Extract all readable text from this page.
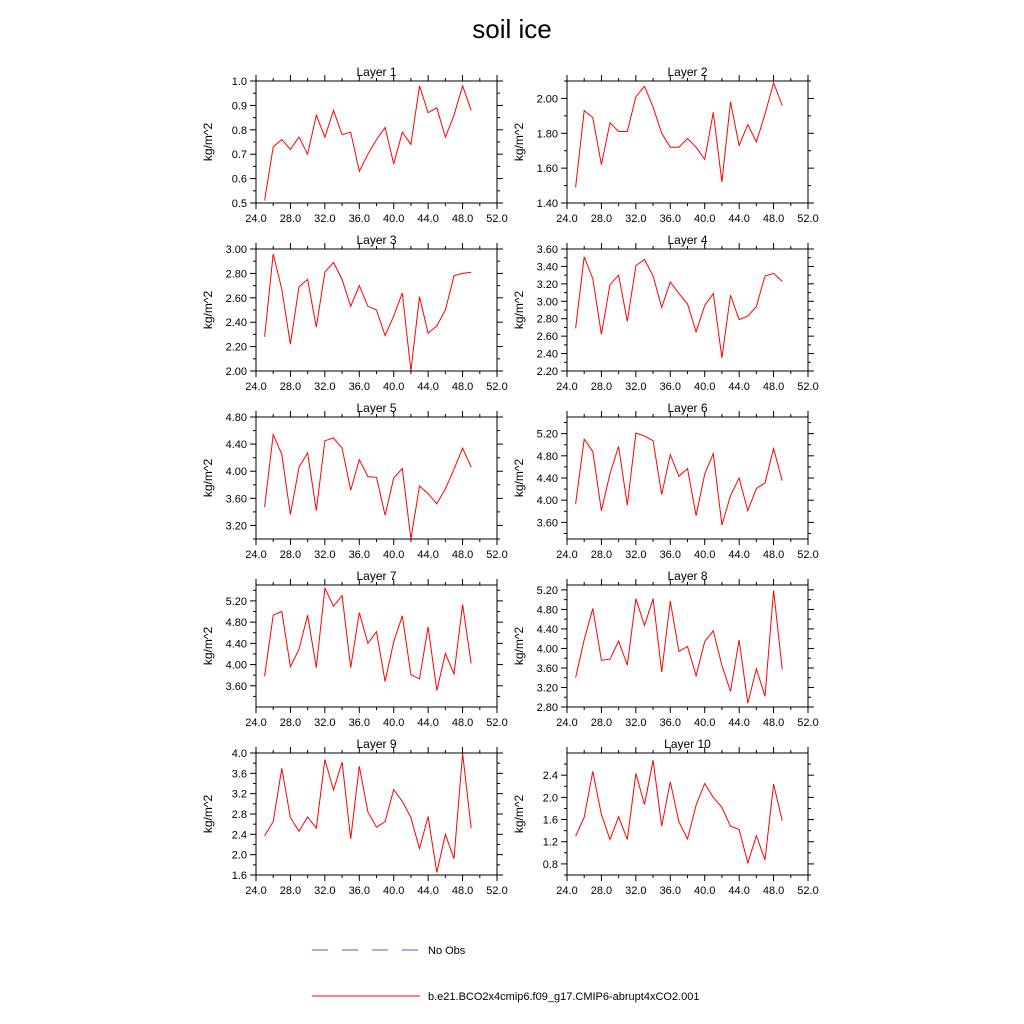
soil ice
Layer 1
kg/m^2
24.0 28.0 32.0 36.0 40.0 44.0 48.0 52.0
0.5
0.6
0.7
0.8
0.9
1.0
Layer 2
kg/m^2
24.0 28.0 32.0 36.0 40.0 44.0 48.0 52.0
1.40
1.60
1.80
2.00
Layer 3
kg/m^2
24.0 28.0 32.0 36.0 40.0 44.0 48.0 52.0
2.00
2.20
2.40
2.60
2.80
3.00
Layer 4
kg/m^2
24.0 28.0 32.0 36.0 40.0 44.0 48.0 52.0
2.20
2.40
2.60
2.80
3.00
3.20
3.40
3.60
Layer 5
kg/m^2
24.0 28.0 32.0 36.0 40.0 44.0 48.0 52.0
3.20
3.60
4.00
4.40
4.80
Layer 6
kg/m^2
24.0 28.0 32.0 36.0 40.0 44.0 48.0 52.0
3.60
4.00
4.40
4.80
5.20
Layer 7
kg/m^2
24.0 28.0 32.0 36.0 40.0 44.0 48.0 52.0
3.60
4.00
4.40
4.80
5.20
Layer 8
kg/m^2
24.0 28.0 32.0 36.0 40.0 44.0 48.0 52.0
2.80
3.20
3.60
4.00
4.40
4.80
5.20
Layer 9
kg/m^2
24.0 28.0 32.0 36.0 40.0 44.0 48.0 52.0
1.6
2.0
2.4
2.8
3.2
3.6
4.0
Layer 10
kg/m^2
24.0 28.0 32.0 36.0 40.0 44.0 48.0 52.0
0.8
1.2
1.6
2.0
2.4
No Obs
b.e21.BCO2x4cmip6.f09_g17.CMIP6-abrupt4xCO2.001
